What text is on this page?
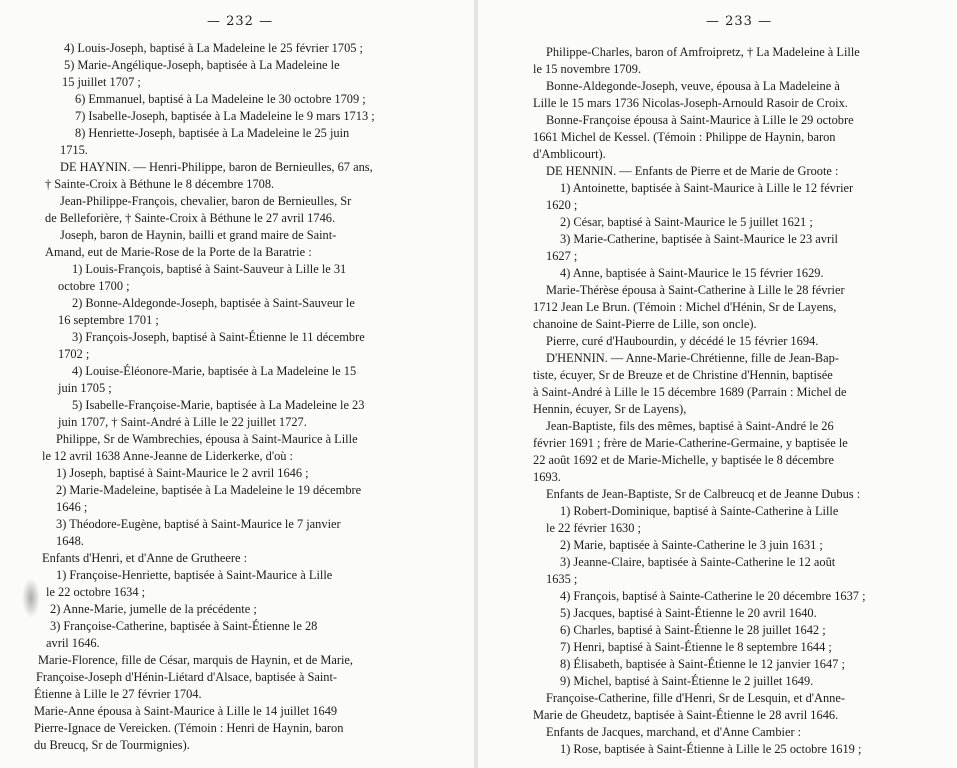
— 232 —
4) Louis-Joseph, baptisé à La Madeleine le 25 février 1705 ;
5) Marie-Angélique-Joseph, baptisée à La Madeleine le
15 juillet 1707 ;
6) Emmanuel, baptisé à La Madeleine le 30 octobre 1709 ;
7) Isabelle-Joseph, baptisée à La Madeleine le 9 mars 1713 ;
8) Henriette-Joseph, baptisée à La Madeleine le 25 juin
1715.
DE HAYNIN. — Henri-Philippe, baron de Bernieulles, 67 ans,
† Sainte-Croix à Béthune le 8 décembre 1708.
Jean-Philippe-François, chevalier, baron de Bernieulles, Sr
de Belleforière, † Sainte-Croix à Béthune le 27 avril 1746.
Joseph, baron de Haynin, bailli et grand maire de Saint-
Amand, eut de Marie-Rose de la Porte de la Baratrie :
1) Louis-François, baptisé à Saint-Sauveur à Lille le 31
octobre 1700 ;
2) Bonne-Aldegonde-Joseph, baptisée à Saint-Sauveur le
16 septembre 1701 ;
3) François-Joseph, baptisé à Saint-Étienne le 11 décembre
1702 ;
4) Louise-Éléonore-Marie, baptisée à La Madeleine le 15
juin 1705 ;
5) Isabelle-Françoise-Marie, baptisée à La Madeleine le 23
juin 1707, † Saint-André à Lille le 22 juillet 1727.
Philippe, Sr de Wambrechies, épousa à Saint-Maurice à Lille
le 12 avril 1638 Anne-Jeanne de Liderkerke, d'où :
1) Joseph, baptisé à Saint-Maurice le 2 avril 1646 ;
2) Marie-Madeleine, baptisée à La Madeleine le 19 décembre
1646 ;
3) Théodore-Eugène, baptisé à Saint-Maurice le 7 janvier
1648.
Enfants d'Henri, et d'Anne de Grutheere :
1) Françoise-Henriette, baptisée à Saint-Maurice à Lille
le 22 octobre 1634 ;
2) Anne-Marie, jumelle de la précédente ;
3) Françoise-Catherine, baptisée à Saint-Étienne le 28
avril 1646.
Marie-Florence, fille de César, marquis de Haynin, et de Marie,
Françoise-Joseph d'Hénin-Liétard d'Alsace, baptisée à Saint-
Étienne à Lille le 27 février 1704.
Marie-Anne épousa à Saint-Maurice à Lille le 14 juillet 1649
Pierre-Ignace de Vereicken. (Témoin : Henri de Haynin, baron
du Breucq, Sr de Tourmignies).
— 233 —
Philippe-Charles, baron of Amfroipretz, † La Madeleine à Lille
le 15 novembre 1709.
Bonne-Aldegonde-Joseph, veuve, épousa à La Madeleine à
Lille le 15 mars 1736 Nicolas-Joseph-Arnould Rasoir de Croix.
Bonne-Françoise épousa à Saint-Maurice à Lille le 29 octobre
1661 Michel de Kessel. (Témoin : Philippe de Haynin, baron
d'Amblicourt).
DE HENNIN. — Enfants de Pierre et de Marie de Groote :
1) Antoinette, baptisée à Saint-Maurice à Lille le 12 février
1620 ;
2) César, baptisé à Saint-Maurice le 5 juillet 1621 ;
3) Marie-Catherine, baptisée à Saint-Maurice le 23 avril
1627 ;
4) Anne, baptisée à Saint-Maurice le 15 février 1629.
Marie-Thérèse épousa à Saint-Catherine à Lille le 28 février
1712 Jean Le Brun. (Témoin : Michel d'Hénin, Sr de Layens,
chanoine de Saint-Pierre de Lille, son oncle).
Pierre, curé d'Haubourdin, y décédé le 15 février 1694.
D'HENNIN. — Anne-Marie-Chrétienne, fille de Jean-Bap-
tiste, écuyer, Sr de Breuze et de Christine d'Hennin, baptisée
à Saint-André à Lille le 15 décembre 1689 (Parrain : Michel de
Hennin, écuyer, Sr de Layens),
Jean-Baptiste, fils des mêmes, baptisé à Saint-André le 26
février 1691 ; frère de Marie-Catherine-Germaine, y baptisée le
22 août 1692 et de Marie-Michelle, y baptisée le 8 décembre
1693.
Enfants de Jean-Baptiste, Sr de Calbreucq et de Jeanne Dubus :
1) Robert-Dominique, baptisé à Sainte-Catherine à Lille
le 22 février 1630 ;
2) Marie, baptisée à Sainte-Catherine le 3 juin 1631 ;
3) Jeanne-Claire, baptisée à Sainte-Catherine le 12 août
1635 ;
4) François, baptisé à Sainte-Catherine le 20 décembre 1637 ;
5) Jacques, baptisé à Saint-Étienne le 20 avril 1640.
6) Charles, baptisé à Saint-Étienne le 28 juillet 1642 ;
7) Henri, baptisé à Saint-Étienne le 8 septembre 1644 ;
8) Élisabeth, baptisée à Saint-Étienne le 12 janvier 1647 ;
9) Michel, baptisé à Saint-Étienne le 2 juillet 1649.
Françoise-Catherine, fille d'Henri, Sr de Lesquin, et d'Anne-
Marie de Gheudetz, baptisée à Saint-Étienne le 28 avril 1646.
Enfants de Jacques, marchand, et d'Anne Cambier :
1) Rose, baptisée à Saint-Étienne à Lille le 25 octobre 1619 ;
